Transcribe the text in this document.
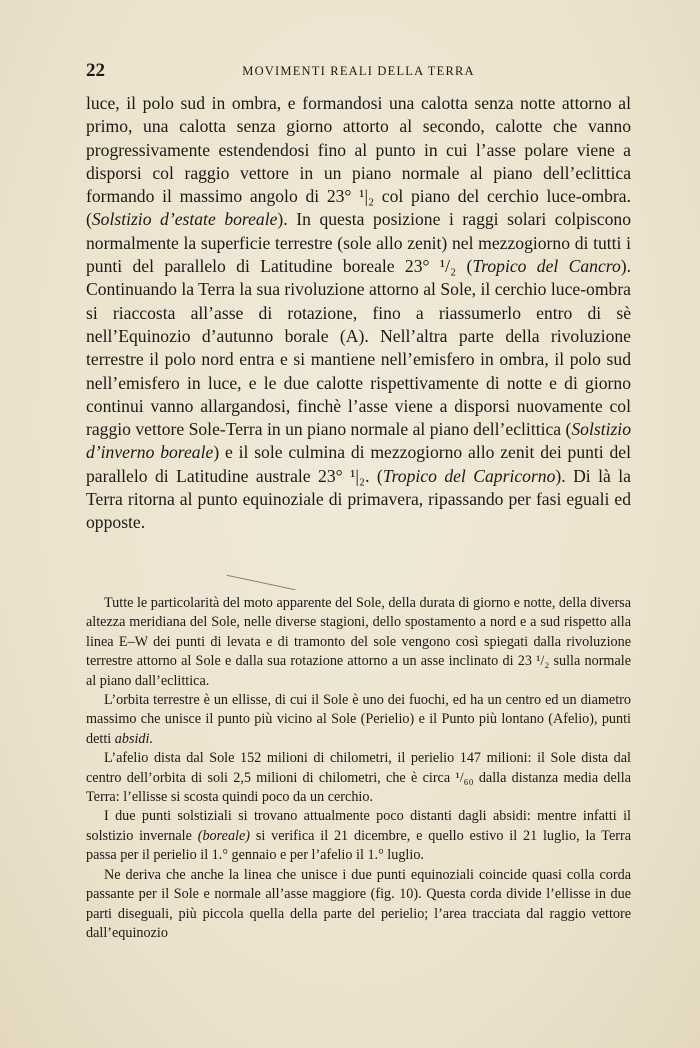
22	MOVIMENTI REALI DELLA TERRA

luce, il polo sud in ombra, e formandosi una calotta senza notte attorno al primo, una calotta senza giorno attorto al secondo, calotte che vanno progressivamente estendendosi fino al punto in cui l’asse polare viene a disporsi col raggio vettore in un piano normale al piano dell’eclittica formando il massimo angolo di 23° ¹|₂ col piano del cerchio luce-ombra. (Solstizio d’estate boreale). In questa posizione i raggi solari colpiscono normalmente la superficie terrestre (sole allo zenit) nel mezzogiorno di tutti i punti del parallelo di Latitudine boreale 23° ¹/₂ (Tropico del Cancro). Continuando la Terra la sua rivoluzione attorno al Sole, il cerchio luce-ombra si riaccosta all’asse di rotazione, fino a riassumerlo entro di sè nell’Equinozio d’autunno borale (A). Nell’altra parte della rivoluzione terrestre il polo nord entra e si mantiene nell’emisfero in ombra, il polo sud nell’emisfero in luce, e le due calotte rispettivamente di notte e di giorno continui vanno allargandosi, finchè l’asse viene a disporsi nuovamente col raggio vettore Sole-Terra in un piano normale al piano dell’eclittica (Solstizio d’inverno boreale) e il sole culmina di mezzogiorno allo zenit dei punti del parallelo di Latitudine australe 23° ¹|₂. (Tropico del Capricorno). Di là la Terra ritorna al punto equinoziale di primavera, ripassando per fasi eguali ed opposte.

Tutte le particolarità del moto apparente del Sole, della durata di giorno e notte, della diversa altezza meridiana del Sole, nelle diverse stagioni, dello spostamento a nord e a sud rispetto alla linea E–W dei punti di levata e di tramonto del sole vengono così spiegati dalla rivoluzione terrestre attorno al Sole e dalla sua rotazione attorno a un asse inclinato di 23 ¹/₂ sulla normale al piano dall’eclittica.

L’orbita terrestre è un ellisse, di cui il Sole è uno dei fuochi, ed ha un centro ed un diametro massimo che unisce il punto più vicino al Sole (Perielio) e il Punto più lontano (Afelio), punti detti absidi.

L’afelio dista dal Sole 152 milioni di chilometri, il perielio 147 milioni: il Sole dista dal centro dell’orbita di soli 2,5 milioni di chilometri, che è circa ¹/₆₀ dalla distanza media della Terra: l’ellisse si scosta quindi poco da un cerchio.

I due punti solstiziali si trovano attualmente poco distanti dagli absidi: mentre infatti il solstizio invernale (boreale) si verifica il 21 dicembre, e quello estivo il 21 luglio, la Terra passa per il perielio il 1.° gennaio e per l’afelio il 1.° luglio.

Ne deriva che anche la linea che unisce i due punti equinoziali coincide quasi colla corda passante per il Sole e normale all’asse maggiore (fig. 10). Questa corda divide l’ellisse in due parti diseguali, più piccola quella della parte del perielio; l’area tracciata dal raggio vettore dall’equinozio
